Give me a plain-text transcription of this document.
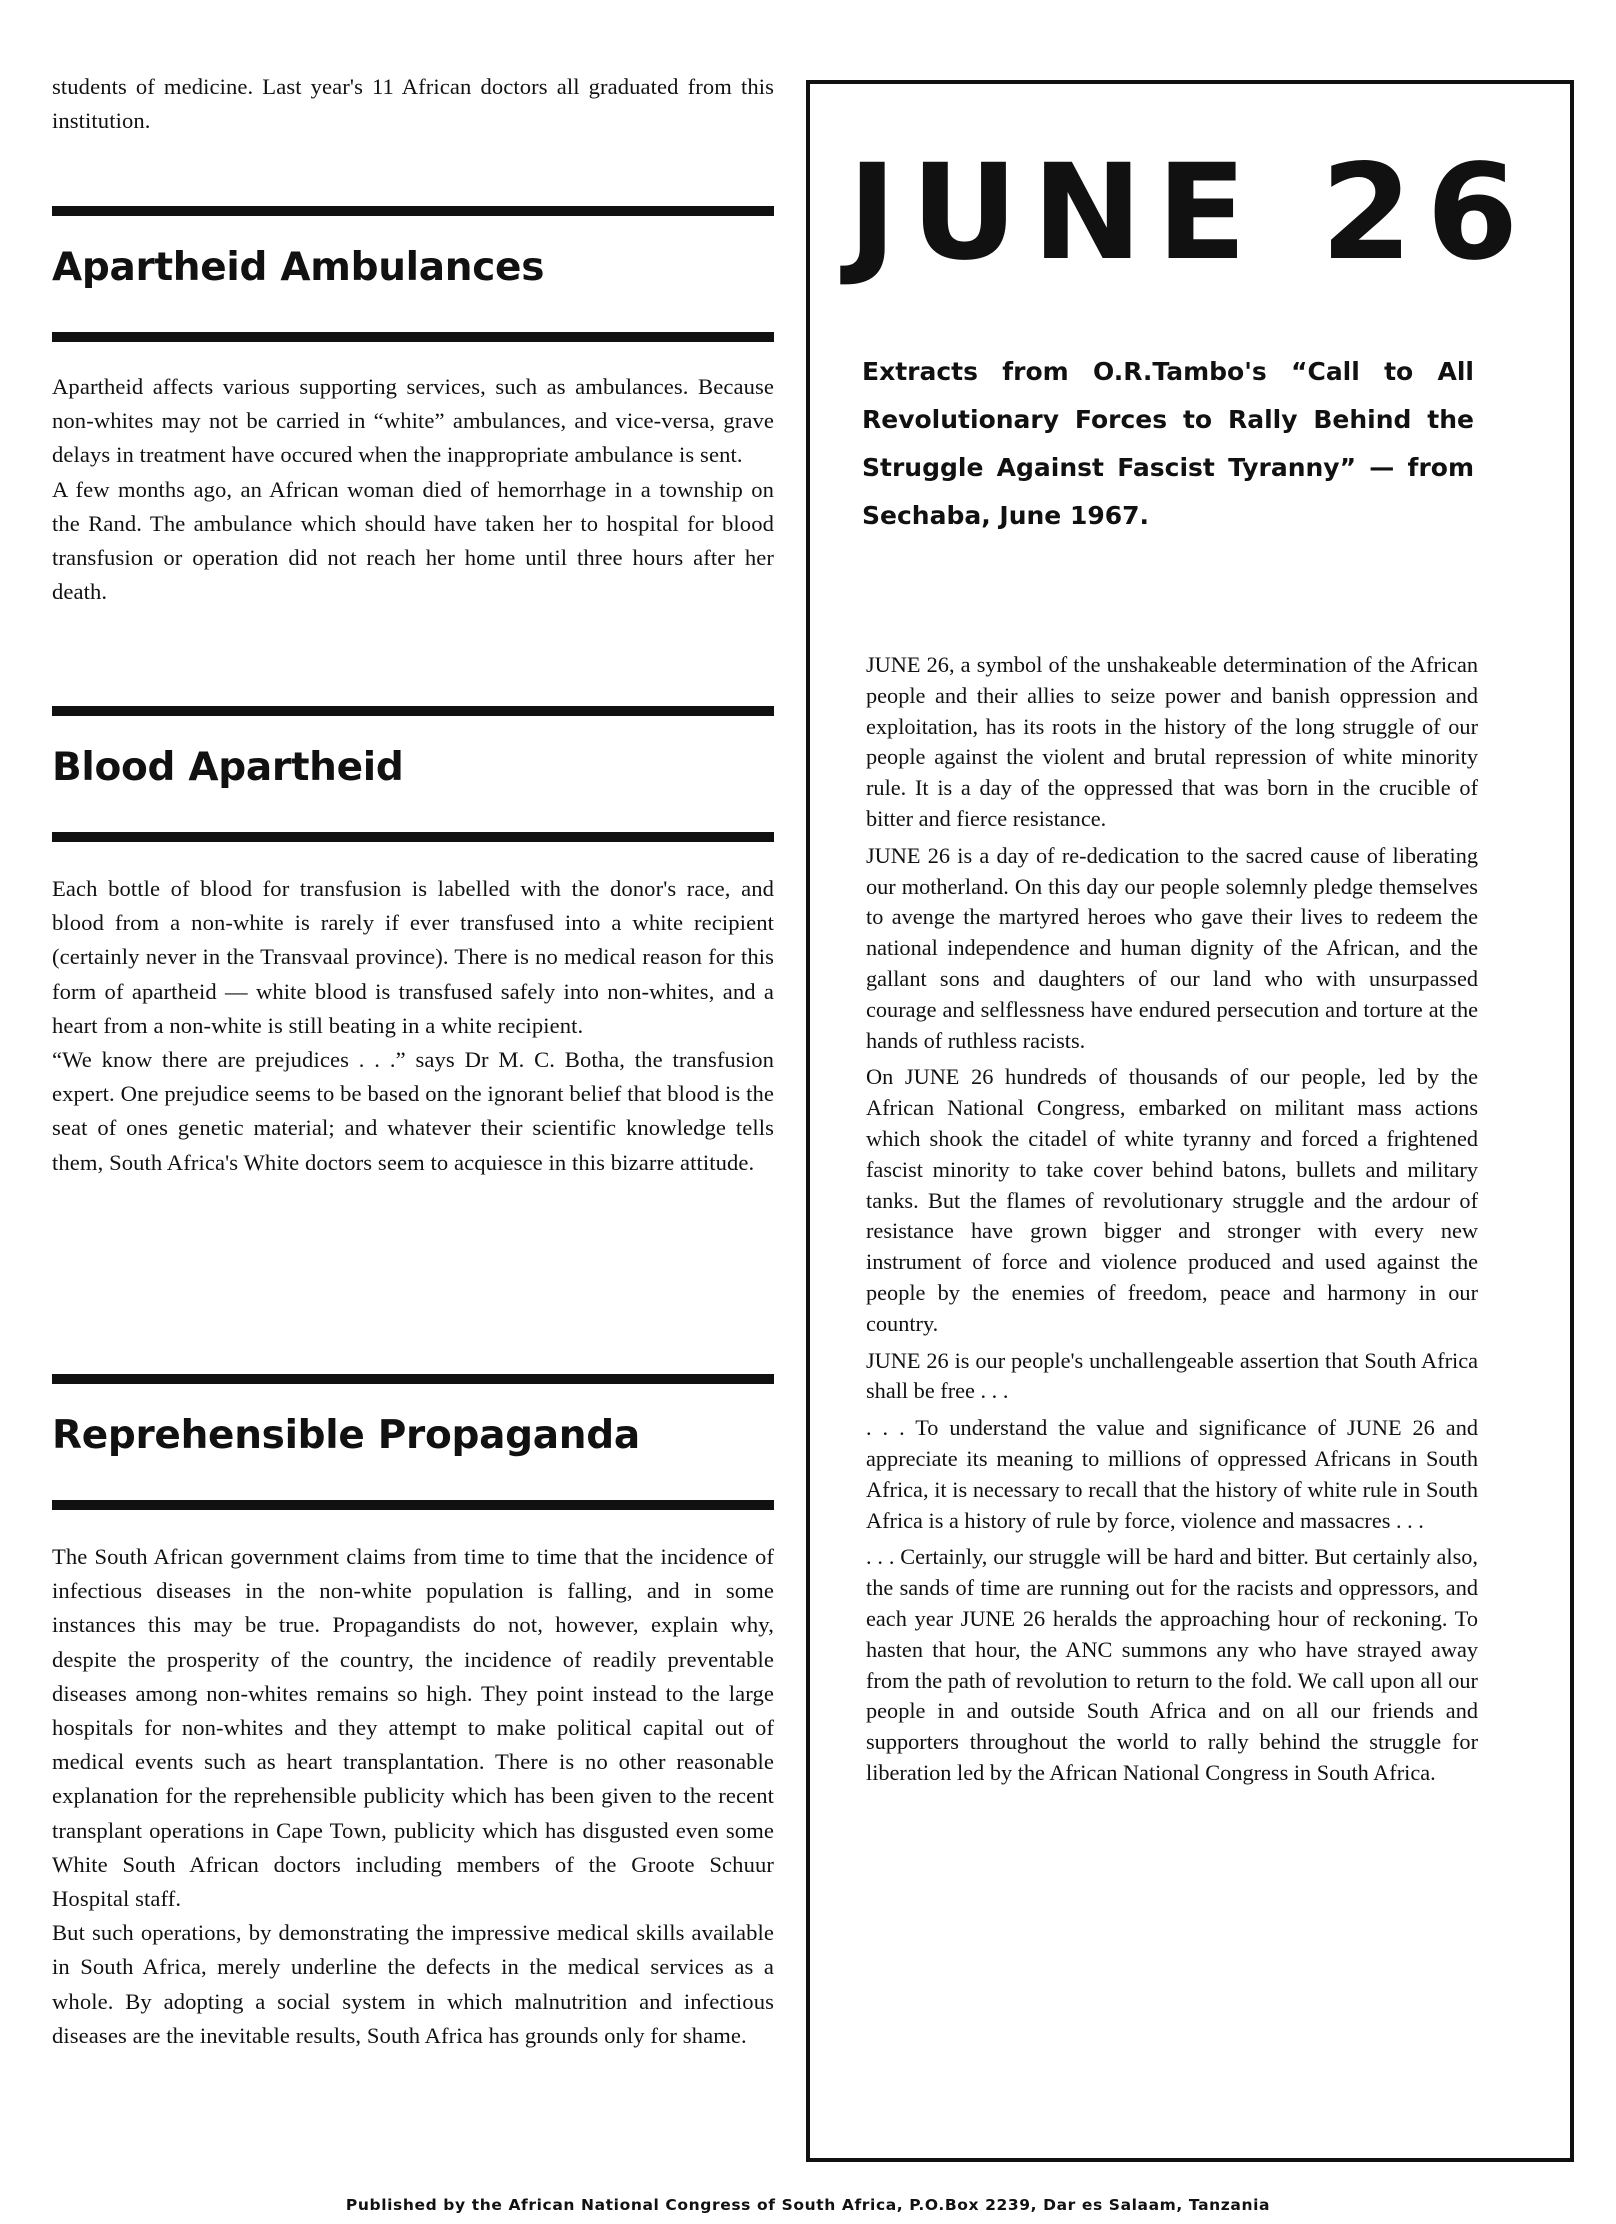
students of medicine. Last year's 11 African doctors all graduated from this institution.

Apartheid Ambulances

Apartheid affects various supporting services, such as ambulances. Because non-whites may not be carried in “white” ambulances, and vice-versa, grave delays in treatment have occured when the inappropriate ambulance is sent.

A few months ago, an African woman died of hemorrhage in a township on the Rand. The ambulance which should have taken her to hospital for blood transfusion or operation did not reach her home until three hours after her death.

Blood Apartheid

Each bottle of blood for transfusion is labelled with the donor's race, and blood from a non-white is rarely if ever transfused into a white recipient (certainly never in the Transvaal province). There is no medical reason for this form of apartheid — white blood is transfused safely into non-whites, and a heart from a non-white is still beating in a white recipient.

“We know there are prejudices . . .” says Dr M. C. Botha, the transfusion expert. One prejudice seems to be based on the ignorant belief that blood is the seat of ones genetic material; and whatever their scientific knowledge tells them, South Africa's White doctors seem to acquiesce in this bizarre attitude.

Reprehensible Propaganda

The South African government claims from time to time that the incidence of infectious diseases in the non-white population is falling, and in some instances this may be true. Propagandists do not, however, explain why, despite the prosperity of the country, the incidence of readily preventable diseases among non-whites remains so high. They point instead to the large hospitals for non-whites and they attempt to make political capital out of medical events such as heart transplantation. There is no other reasonable explanation for the reprehensible publicity which has been given to the recent transplant operations in Cape Town, publicity which has disgusted even some White South African doctors including members of the Groote Schuur Hospital staff.

But such operations, by demonstrating the impressive medical skills available in South Africa, merely underline the defects in the medical services as a whole. By adopting a social system in which malnutrition and infectious diseases are the inevitable results, South Africa has grounds only for shame.

JUNE 26
Extracts from O.R.Tambo's “Call to All Revolutionary Forces to Rally Behind the Struggle Against Fascist Tyranny” — from Sechaba, June 1967.

JUNE 26, a symbol of the unshakeable determination of the African people and their allies to seize power and banish oppression and exploitation, has its roots in the history of the long struggle of our people against the violent and brutal repression of white minority rule. It is a day of the oppressed that was born in the crucible of bitter and fierce resistance.

JUNE 26 is a day of re-dedication to the sacred cause of liberating our motherland. On this day our people solemnly pledge themselves to avenge the martyred heroes who gave their lives to redeem the national independence and human dignity of the African, and the gallant sons and daughters of our land who with unsurpassed courage and selflessness have endured persecution and torture at the hands of ruthless racists.

On JUNE 26 hundreds of thousands of our people, led by the African National Congress, embarked on militant mass actions which shook the citadel of white tyranny and forced a frightened fascist minority to take cover behind batons, bullets and military tanks. But the flames of revolutionary struggle and the ardour of resistance have grown bigger and stronger with every new instrument of force and violence produced and used against the people by the enemies of freedom, peace and harmony in our country.

JUNE 26 is our people's unchallengeable assertion that South Africa shall be free . . .

. . . To understand the value and significance of JUNE 26 and appreciate its meaning to millions of oppressed Africans in South Africa, it is necessary to recall that the history of white rule in South Africa is a history of rule by force, violence and massacres . . .

. . . Certainly, our struggle will be hard and bitter. But certainly also, the sands of time are running out for the racists and oppressors, and each year JUNE 26 heralds the approaching hour of reckoning. To hasten that hour, the ANC summons any who have strayed away from the path of revolution to return to the fold. We call upon all our people in and outside South Africa and on all our friends and supporters throughout the world to rally behind the struggle for liberation led by the African National Congress in South Africa.

Published by the African National Congress of South Africa, P.O.Box 2239, Dar es Salaam, Tanzania
